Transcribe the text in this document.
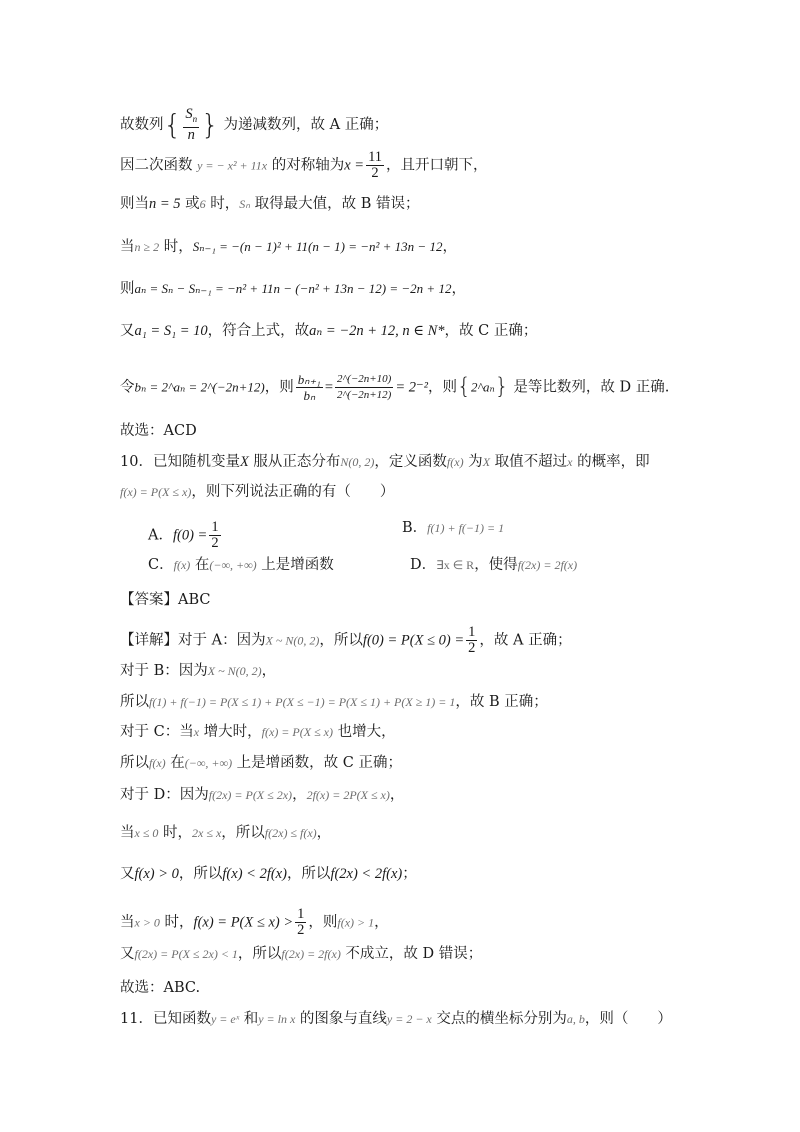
故数列{ $\frac{S_n}{n}$ } 为递减数列，故 A 正确；
因二次函数 y = − x² + 11x 的对称轴为$x = \frac{11}{2}$ ，且开口朝下，
则当n = 5 或6 时，Sₙ 取得最大值，故 B 错误；
当n ≥ 2 时，Sₙ₋₁ = −(n − 1)² + 11(n − 1) = −n² + 13n − 12，
则aₙ = Sₙ − Sₙ₋₁ = −n² + 11n − (−n² + 13n − 12) = −2n + 12，
又a₁ = S₁ = 10，符合上式，故aₙ = −2n + 12, n ∈ N*，故 C 正确；
令bₙ = 2^aₙ = 2^(−2n+12)，则 $\frac{\text{bₙ₊₁}}{\text{bₙ}} = \frac{2\^{}(-2n+10)}{2\^{}(-2n+12)} = 2^{-2}$，则{2^aₙ} 是等比数列，故 D 正确.
故选：ACD
10．已知随机变量X 服从正态分布N(0, 2)，定义函数f(x) 为X 取值不超过x 的概率，即
f(x) = P(X ≤ x)，则下列说法正确的有（　　）
A．$f(0) = \frac{1}{2}$	B．f(1) + f(−1) = 1
C．f(x) 在(−∞, +∞) 上是增函数	D．∃x ∈ R，使得f(2x) = 2f(x)
【答案】ABC
【详解】对于 A：因为X ~ N(0, 2)，所以$f(0) = P(X \le 0) = \frac{1}{2}$ ，故 A 正确；
对于 B：因为X ~ N(0, 2)，
所以f(1) + f(−1) = P(X ≤ 1) + P(X ≤ −1) = P(X ≤ 1) + P(X ≥ 1) = 1，故 B 正确；
对于 C：当x 增大时，f(x) = P(X ≤ x) 也增大，
所以f(x) 在(−∞, +∞) 上是增函数，故 C 正确；
对于 D：因为f(2x) = P(X ≤ 2x)，2f(x) = 2P(X ≤ x)，
当x ≤ 0 时，2x ≤ x，所以f(2x) ≤ f(x)，
又f(x) > 0，所以f(x) < 2f(x)，所以f(2x) < 2f(x)；
当x > 0 时，$f(x) = P(X \le x) > \frac{1}{2}$ ，则f(x) > 1，
又f(2x) = P(X ≤ 2x) < 1，所以f(2x) = 2f(x) 不成立，故 D 错误；
故选：ABC.
11．已知函数y = eˣ 和y = ln x 的图象与直线y = 2 − x 交点的横坐标分别为a, b，则（　　）
